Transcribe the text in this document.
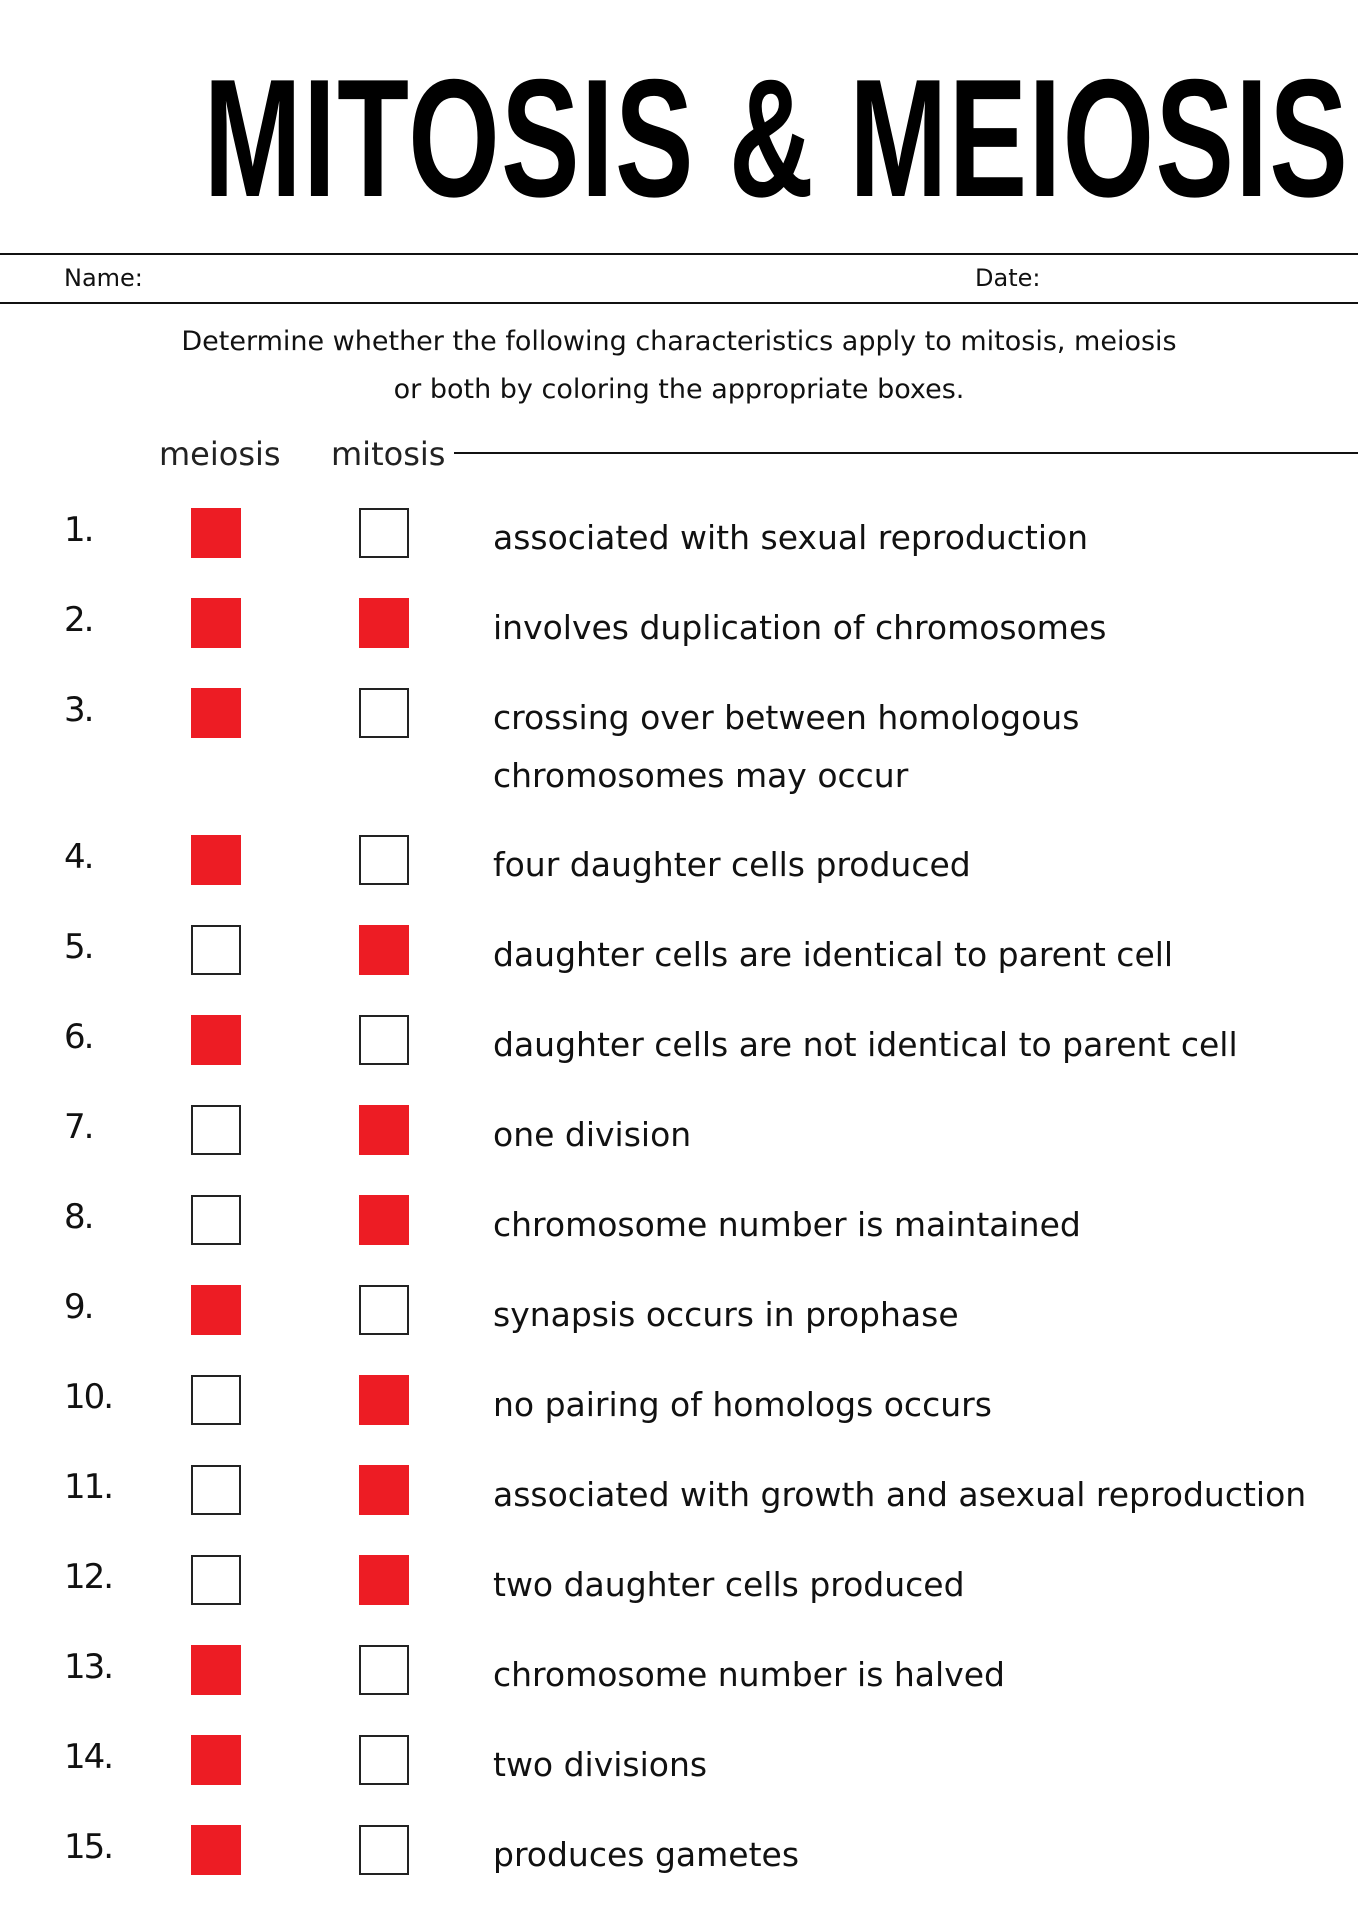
MITOSIS & MEIOSIS
Name:	Date:
Determine whether the following characteristics apply to mitosis, meiosis
or both by coloring the appropriate boxes.
meiosis mitosis
1.	associated with sexual reproduction
2.	involves duplication of chromosomes
3.	crossing over between homologous
chromosomes may occur
4.	four daughter cells produced
5.	daughter cells are identical to parent cell
6.	daughter cells are not identical to parent cell
7.	one division
8.	chromosome number is maintained
9.	synapsis occurs in prophase
10.	no pairing of homologs occurs
11.	associated with growth and asexual reproduction
12.	two daughter cells produced
13.	chromosome number is halved
14.	two divisions
15.	produces gametes
